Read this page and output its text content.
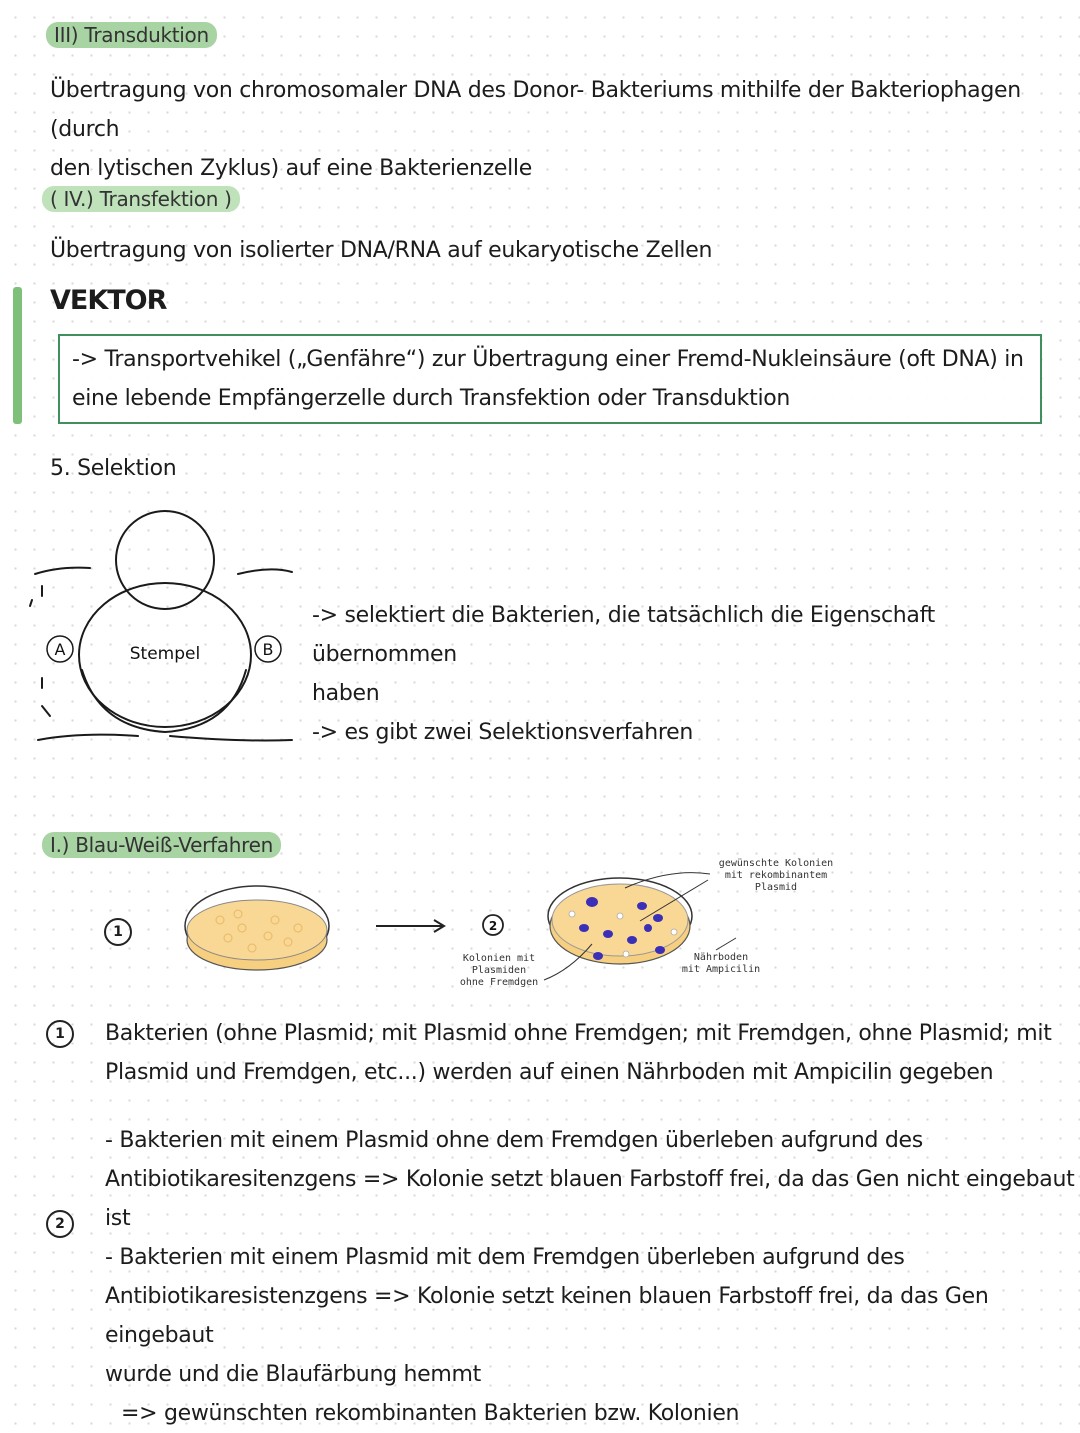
III) Transduktion
Übertragung von chromosomaler DNA des Donor- Bakteriums mithilfe der Bakteriophagen (durch
den lytischen Zyklus) auf eine Bakterienzelle
( IV.) Transfektion )
Übertragung von isolierter DNA/RNA auf eukaryotische Zellen
VEKTOR
-> Transportvehikel („Genfähre“) zur Übertragung einer Fremd-Nukleinsäure (oft DNA) in
eine lebende Empfängerzelle durch Transfektion oder Transduktion
5. Selektion
A	B
Stempel
-> selektiert die Bakterien, die tatsächlich die Eigenschaft übernommen
haben
-> es gibt zwei Selektionsverfahren
I.) Blau-Weiß-Verfahren
1	2
Kolonien mit
Plasmiden
ohne Fremdgen
gewünschte Kolonien
mit rekombinantem
Plasmid
Nährboden
mit Ampicilin
1	Bakterien (ohne Plasmid; mit Plasmid ohne Fremdgen; mit Fremdgen, ohne Plasmid; mit
Plasmid und Fremdgen, etc...) werden auf einen Nährboden mit Ampicilin gegeben
2
- Bakterien mit einem Plasmid ohne dem Fremdgen überleben aufgrund des
Antibiotikaresitenzgens => Kolonie setzt blauen Farbstoff frei, da das Gen nicht eingebaut ist
- Bakterien mit einem Plasmid mit dem Fremdgen überleben aufgrund des
Antibiotikaresistenzgens => Kolonie setzt keinen blauen Farbstoff frei, da das Gen eingebaut
wurde und die Blaufärbung hemmt
=> gewünschten rekombinanten Bakterien bzw. Kolonien
